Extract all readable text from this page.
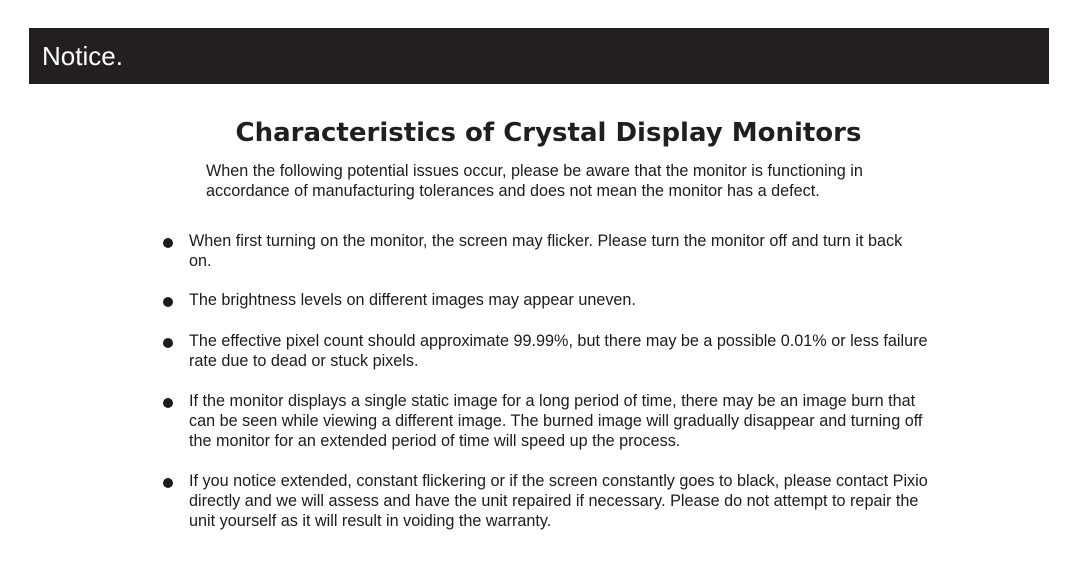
Notice.
Characteristics of Crystal Display Monitors
When the following potential issues occur, please be aware that the monitor is functioning in accordance of manufacturing tolerances and does not mean the monitor has a defect.
When first turning on the monitor, the screen may flicker. Please turn the monitor off and turn it back on.
The brightness levels on different images may appear uneven.
The effective pixel count should approximate 99.99%, but there may be a possible 0.01% or less failure rate due to dead or stuck pixels.
If the monitor displays a single static image for a long period of time, there may be an image burn that can be seen while viewing a different image. The burned image will gradually disappear and turning off the monitor for an extended period of time will speed up the process.
If you notice extended, constant flickering or if the screen constantly goes to black, please contact Pixio directly and we will assess and have the unit repaired if necessary. Please do not attempt to repair the unit yourself as it will result in voiding the warranty.
